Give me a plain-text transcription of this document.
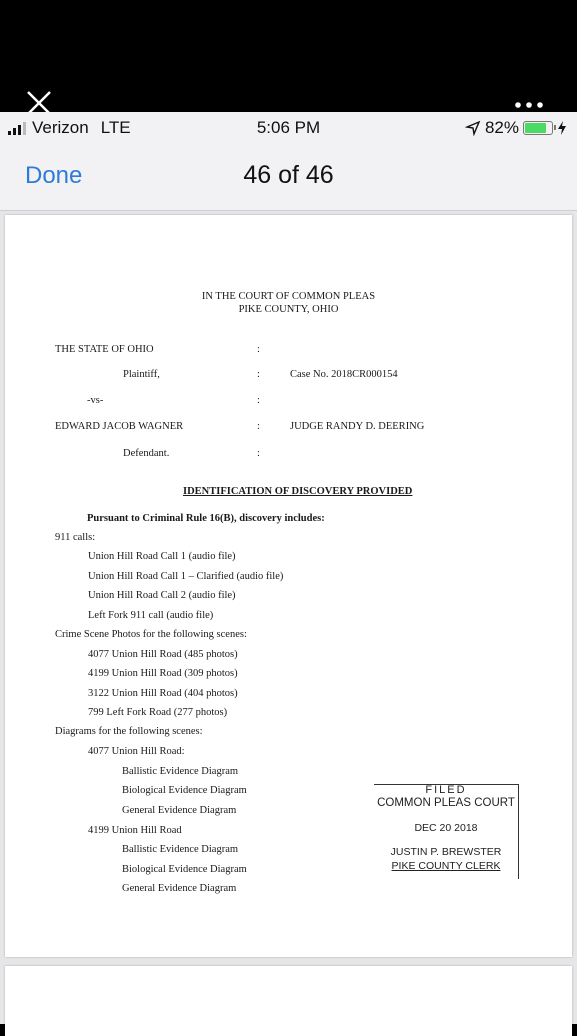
Verizon LTE	5:06 PM	82%
Done	46 of 46
IN THE COURT OF COMMON PLEAS
PIKE COUNTY, OHIO
THE STATE OF OHIO	:
Plaintiff,	:	Case No. 2018CR000154
-vs-	:
EDWARD JACOB WAGNER	:	JUDGE RANDY D. DEERING
Defendant.	:
IDENTIFICATION OF DISCOVERY PROVIDED
Pursuant to Criminal Rule 16(B), discovery includes:
911 calls:
Union Hill Road Call 1 (audio file)
Union Hill Road Call 1 – Clarified (audio file)
Union Hill Road Call 2 (audio file)
Left Fork 911 call (audio file)
Crime Scene Photos for the following scenes:
4077 Union Hill Road (485 photos)
4199 Union Hill Road (309 photos)
3122 Union Hill Road (404 photos)
799 Left Fork Road (277 photos)
Diagrams for the following scenes:
4077 Union Hill Road:
Ballistic Evidence Diagram
Biological Evidence Diagram
General Evidence Diagram
4199 Union Hill Road
Ballistic Evidence Diagram
Biological Evidence Diagram
General Evidence Diagram
FILED
COMMON PLEAS COURT
DEC 20 2018
JUSTIN P. BREWSTER
PIKE COUNTY CLERK
